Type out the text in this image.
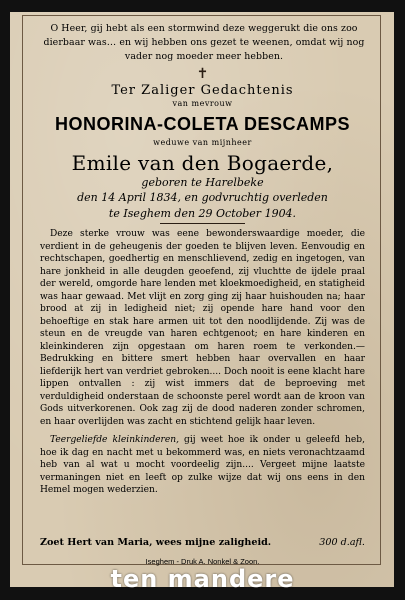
O Heer, gij hebt als een stormwind deze weggerukt die ons zoo dierbaar was… en wij hebben ons gezet te weenen, omdat wij nog vader nog moeder meer hebben.
✝
Ter Zaliger Gedachtenis
van mevrouw
HONORINA-COLETA DESCAMPS
weduwe van mijnheer
Emile van den Bogaerde,
geboren te Harelbeke
den 14 April 1834, en godvruchtig overleden
te Iseghem den 29 October 1904.

Deze sterke vrouw was eene bewonderswaardige moeder, die verdient in de geheugenis der goeden te blijven leven. Eenvoudig en rechtschapen, goedhertig en menschlievend, zedig en ingetogen, van hare jonkheid in alle deugden geoefend, zij vluchtte de ijdele praal der wereld, omgorde hare lenden met kloekmoedigheid, en statigheid was haar gewaad. Met vlijt en zorg ging zij haar huishouden na; haar brood at zij in ledigheid niet; zij opende hare hand voor den behoeftige en stak hare armen uit tot den noodlijdende. Zij was de steun en de vreugde van haren echtgenoot; en hare kinderen en kleinkinderen zijn opgestaan om haren roem te verkonden.—Bedrukking en bittere smert hebben haar overvallen en haar liefderijk hert van verdriet gebroken.... Doch nooit is eene klacht hare lippen ontvallen : zij wist immers dat de beproeving met verduldigheid onderstaan de schoonste perel wordt aan de kroon van Gods uitverkorenen. Ook zag zij de dood naderen zonder schromen, en haar overlijden was zacht en stichtend gelijk haar leven.

Teergeliefde kleinkinderen, gij weet hoe ik onder u geleefd heb, hoe ik dag en nacht met u bekommerd was, en niets veronachtzaamd heb van al wat u mocht voordeelig zijn.... Vergeet mijne laatste vermaningen niet en leeft op zulke wijze dat wij ons eens in den Hemel mogen wederzien.

Zoet Hert van Maria, wees mijne zaligheid.	300 d.afl.
Iseghem - Druk A. Nonkel & Zoon.
ten mandere
